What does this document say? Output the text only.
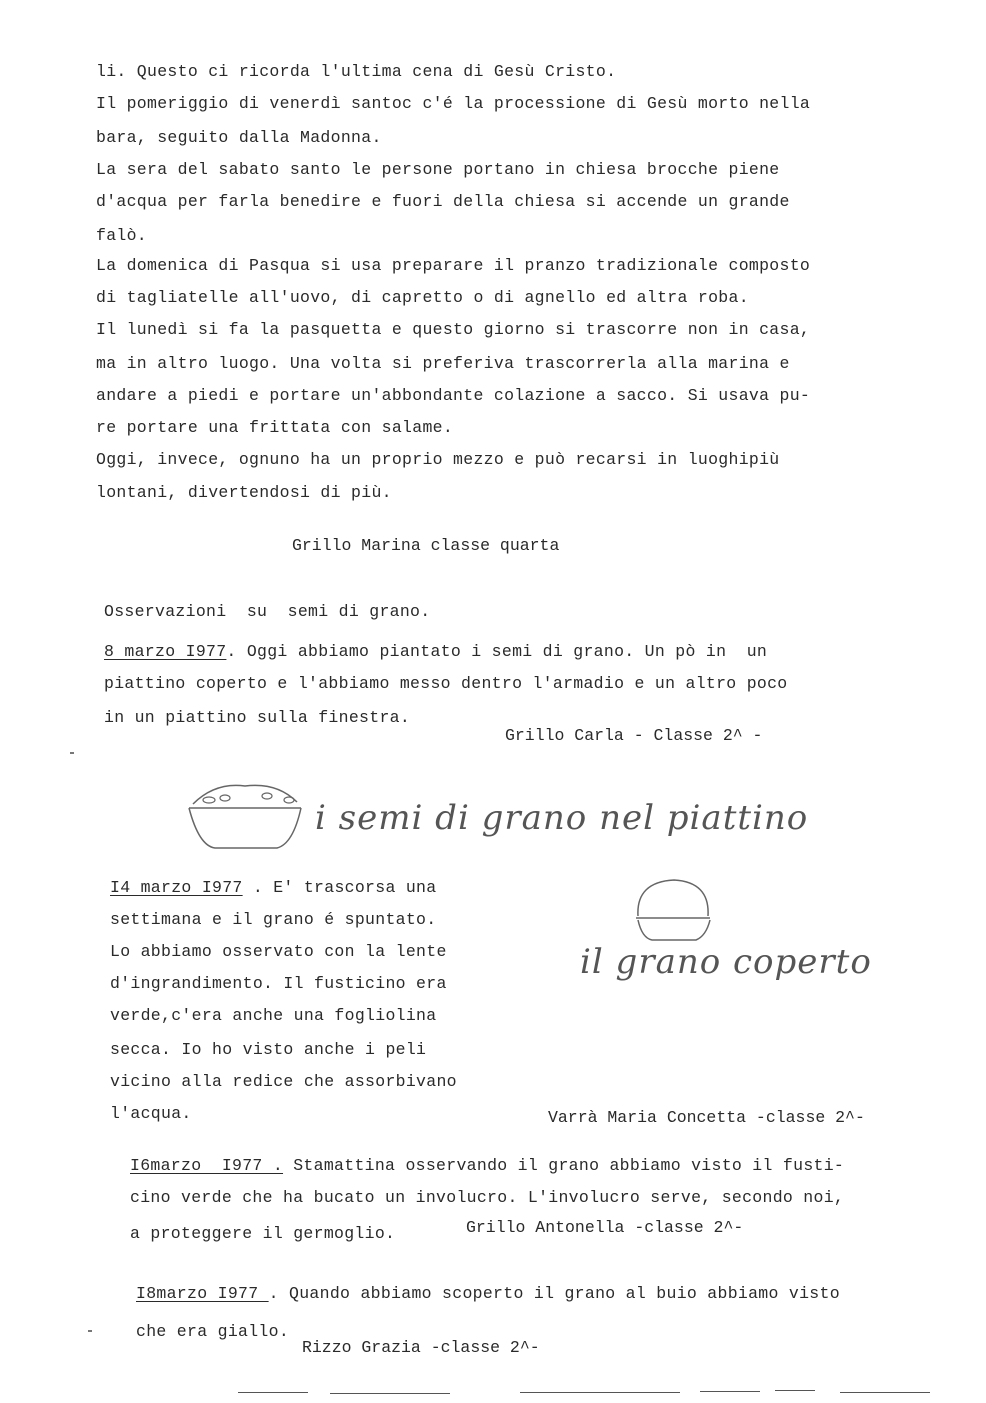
li. Questo ci ricorda l'ultima cena di Gesù Cristo.
Il pomeriggio di venerdì santoc c'é la processione di Gesù morto nella
bara, seguito dalla Madonna.
La sera del sabato santo le persone portano in chiesa brocche piene
d'acqua per farla benedire e fuori della chiesa si accende un grande
falò.
La domenica di Pasqua si usa preparare il pranzo tradizionale composto
di tagliatelle all'uovo, di capretto o di agnello ed altra roba.
Il lunedì si fa la pasquetta e questo giorno si trascorre non in casa,
ma in altro luogo. Una volta si preferiva trascorrerla alla marina e
andare a piedi e portare un'abbondante colazione a sacco. Si usava pu-
re portare una frittata con salame.
Oggi, invece, ognuno ha un proprio mezzo e può recarsi in luoghipiù
lontani, divertendosi di più.
Grillo Marina classe quarta
Osservazioni  su  semi di grano.
8 marzo I977. Oggi abbiamo piantato i semi di grano. Un pò in  un
piattino coperto e l'abbiamo messo dentro l'armadio e un altro poco
in un piattino sulla finestra.
Grillo Carla - Classe 2^ -
i semi di grano nel piattino
il grano coperto
I4 marzo I977 . E' trascorsa una
settimana e il grano é spuntato.
Lo abbiamo osservato con la lente
d'ingrandimento. Il fusticino era
verde,c'era anche una fogliolina
secca. Io ho visto anche i peli
vicino alla redice che assorbivano
l'acqua.	Varrà Maria Concetta -classe 2^-
I6marzo  I977 . Stamattina osservando il grano abbiamo visto il fusti-
cino verde che ha bucato un involucro. L'involucro serve, secondo noi,
a proteggere il germoglio.	Grillo Antonella -classe 2^-
I8marzo I977 . Quando abbiamo scoperto il grano al buio abbiamo visto
che era giallo.
Rizzo Grazia -classe 2^-
